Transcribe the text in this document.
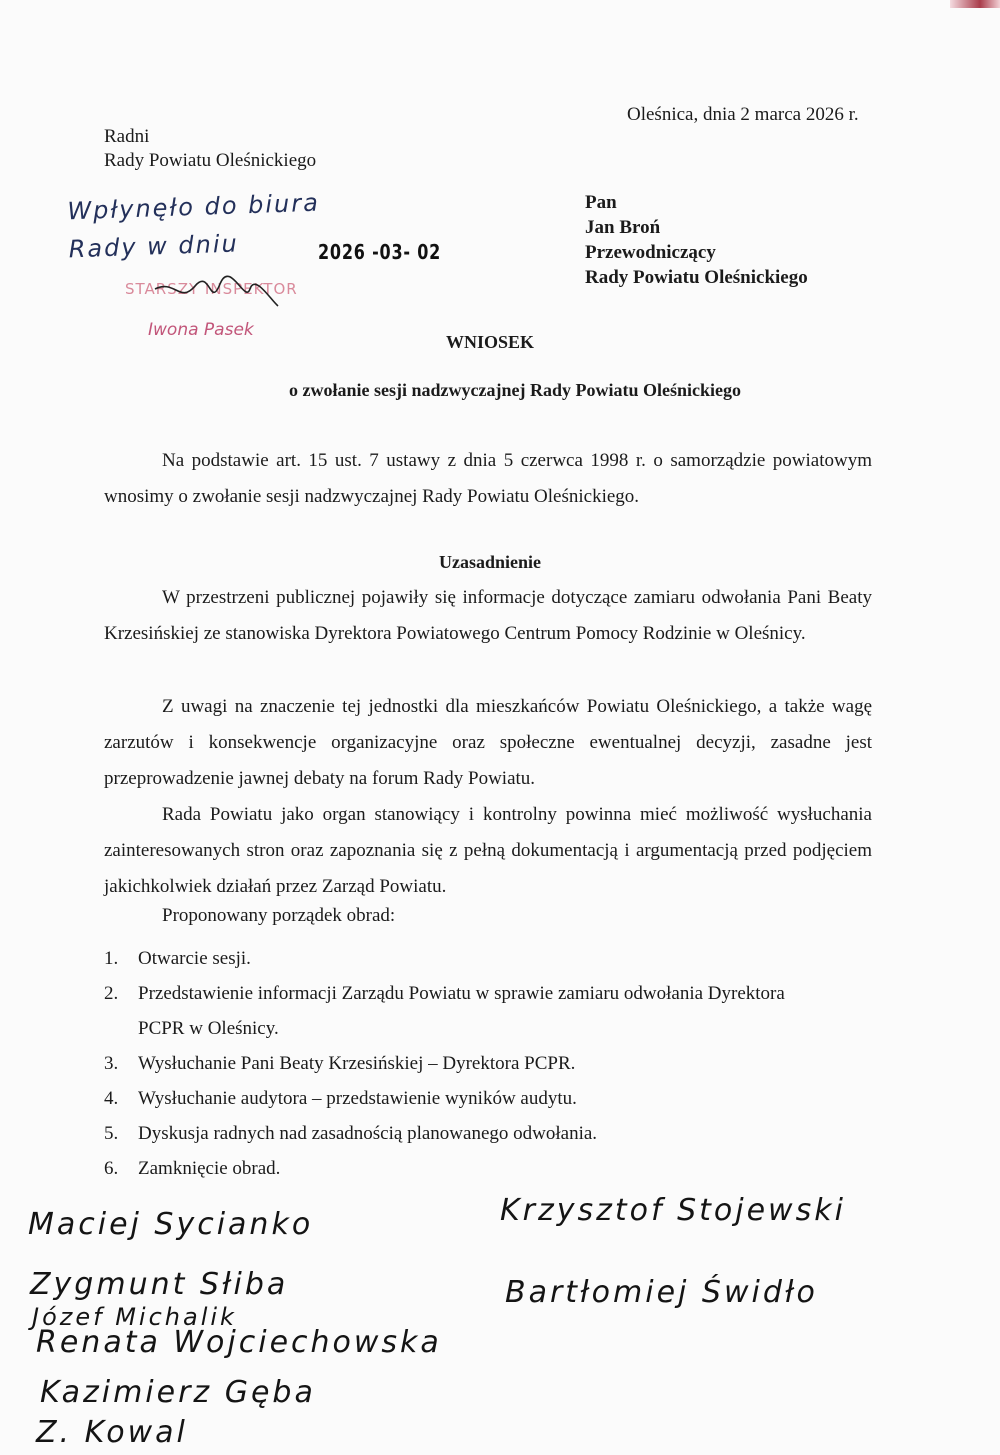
Oleśnica, dnia 2 marca 2026 r.
Radni
Rady Powiatu Oleśnickiego
Pan
Jan Broń
Przewodniczący
Rady Powiatu Oleśnickiego
Wpłynęło do biura
Rady w dniu	2026 -03- 02
STARSZY INSPEKTOR
Iwona Pasek
WNIOSEK
o zwołanie sesji nadzwyczajnej Rady Powiatu Oleśnickiego
Na podstawie art. 15 ust. 7 ustawy z dnia 5 czerwca 1998 r. o samorządzie powiatowym wnosimy o zwołanie sesji nadzwyczajnej Rady Powiatu Oleśnickiego.
Uzasadnienie
W przestrzeni publicznej pojawiły się informacje dotyczące zamiaru odwołania Pani Beaty Krzesińskiej ze stanowiska Dyrektora Powiatowego Centrum Pomocy Rodzinie w Oleśnicy.
Z uwagi na znaczenie tej jednostki dla mieszkańców Powiatu Oleśnickiego, a także wagę zarzutów i konsekwencje organizacyjne oraz społeczne ewentualnej decyzji, zasadne jest przeprowadzenie jawnej debaty na forum Rady Powiatu.
Rada Powiatu jako organ stanowiący i kontrolny powinna mieć możliwość wysłuchania zainteresowanych stron oraz zapoznania się z pełną dokumentacją i argumentacją przed podjęciem jakichkolwiek działań przez Zarząd Powiatu.
Proponowany porządek obrad:
1.	Otwarcie sesji.
2.	Przedstawienie informacji Zarządu Powiatu w sprawie zamiaru odwołania Dyrektora PCPR w Oleśnicy.
3.	Wysłuchanie Pani Beaty Krzesińskiej – Dyrektora PCPR.
4.	Wysłuchanie audytora – przedstawienie wyników audytu.
5.	Dyskusja radnych nad zasadnością planowanego odwołania.
6.	Zamknięcie obrad.
Maciej Sycianko
Zygmunt Słiba
Józef Michalik
Renata Wojciechowska
Kazimierz Gęba
Z. Kowal
Krzysztof Stojewski
Bartłomiej Świdło
